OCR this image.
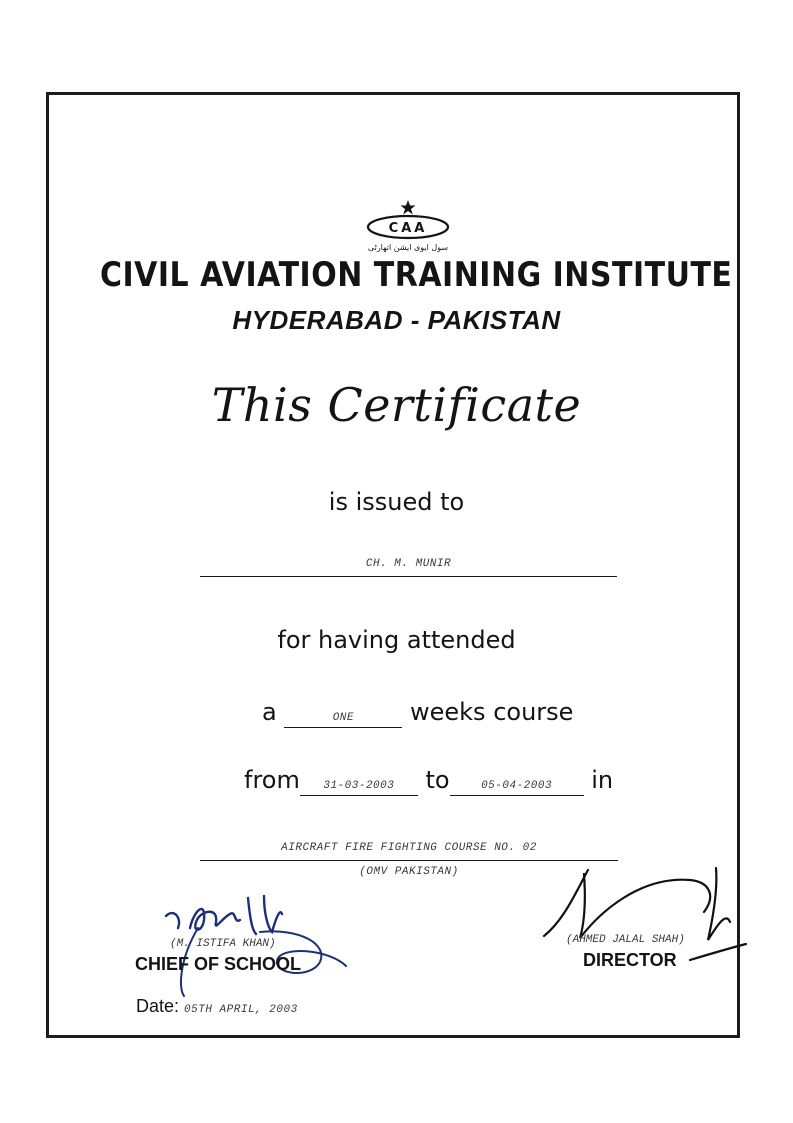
CAA
سول ایوی ایشن اتھارٹی
CIVIL AVIATION TRAINING INSTITUTE
HYDERABAD - PAKISTAN
This Certificate
is issued to
CH. M. MUNIR
for having attended
a	ONE weeks course
from 31-03-2003 to	05-04-2003 in
AIRCRAFT FIRE FIGHTING COURSE NO. 02
(OMV PAKISTAN)
(M. ISTIFA KHAN)
CHIEF OF SCHOOL
(AHMED JALAL SHAH)
DIRECTOR
Date: 05TH APRIL, 2003
